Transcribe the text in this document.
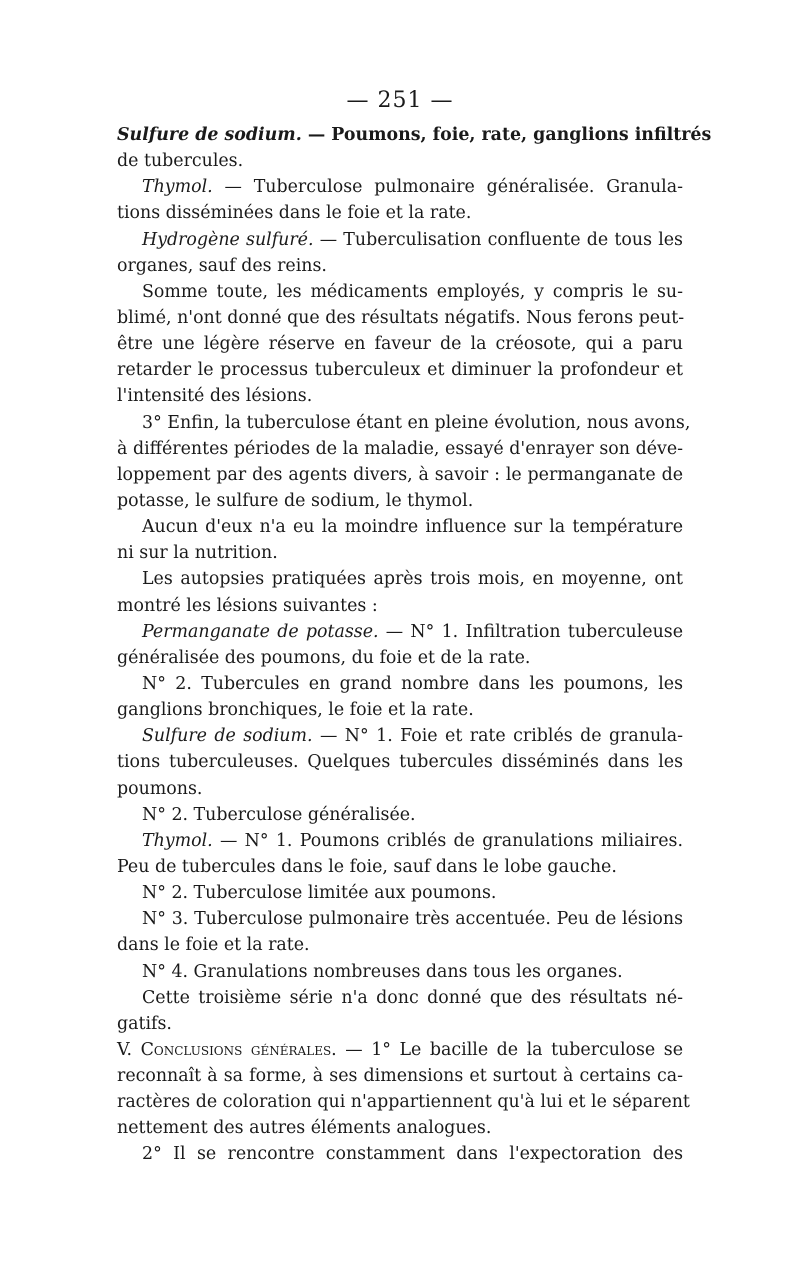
— 251 —
Sulfure de sodium. — Poumons, foie, rate, ganglions infiltrés
de tubercules.
Thymol. — Tuberculose pulmonaire généralisée. Granula-
tions disséminées dans le foie et la rate.
Hydrogène sulfuré. — Tuberculisation confluente de tous les
organes, sauf des reins.
Somme toute, les médicaments employés, y compris le su-
blimé, n'ont donné que des résultats négatifs. Nous ferons peut-
être une légère réserve en faveur de la créosote, qui a paru
retarder le processus tuberculeux et diminuer la profondeur et
l'intensité des lésions.
3° Enfin, la tuberculose étant en pleine évolution, nous avons,
à différentes périodes de la maladie, essayé d'enrayer son déve-
loppement par des agents divers, à savoir : le permanganate de
potasse, le sulfure de sodium, le thymol.
Aucun d'eux n'a eu la moindre influence sur la température
ni sur la nutrition.
Les autopsies pratiquées après trois mois, en moyenne, ont
montré les lésions suivantes :
Permanganate de potasse. — N° 1. Infiltration tuberculeuse
généralisée des poumons, du foie et de la rate.
N° 2. Tubercules en grand nombre dans les poumons, les
ganglions bronchiques, le foie et la rate.
Sulfure de sodium. — N° 1. Foie et rate criblés de granula-
tions tuberculeuses. Quelques tubercules disséminés dans les
poumons.
N° 2. Tuberculose généralisée.
Thymol. — N° 1. Poumons criblés de granulations miliaires.
Peu de tubercules dans le foie, sauf dans le lobe gauche.
N° 2. Tuberculose limitée aux poumons.
N° 3. Tuberculose pulmonaire très accentuée. Peu de lésions
dans le foie et la rate.
N° 4. Granulations nombreuses dans tous les organes.
Cette troisième série n'a donc donné que des résultats né-
gatifs.
V. Conclusions générales. — 1° Le bacille de la tuberculose se
reconnaît à sa forme, à ses dimensions et surtout à certains ca-
ractères de coloration qui n'appartiennent qu'à lui et le séparent
nettement des autres éléments analogues.
2° Il se rencontre constamment dans l'expectoration des
